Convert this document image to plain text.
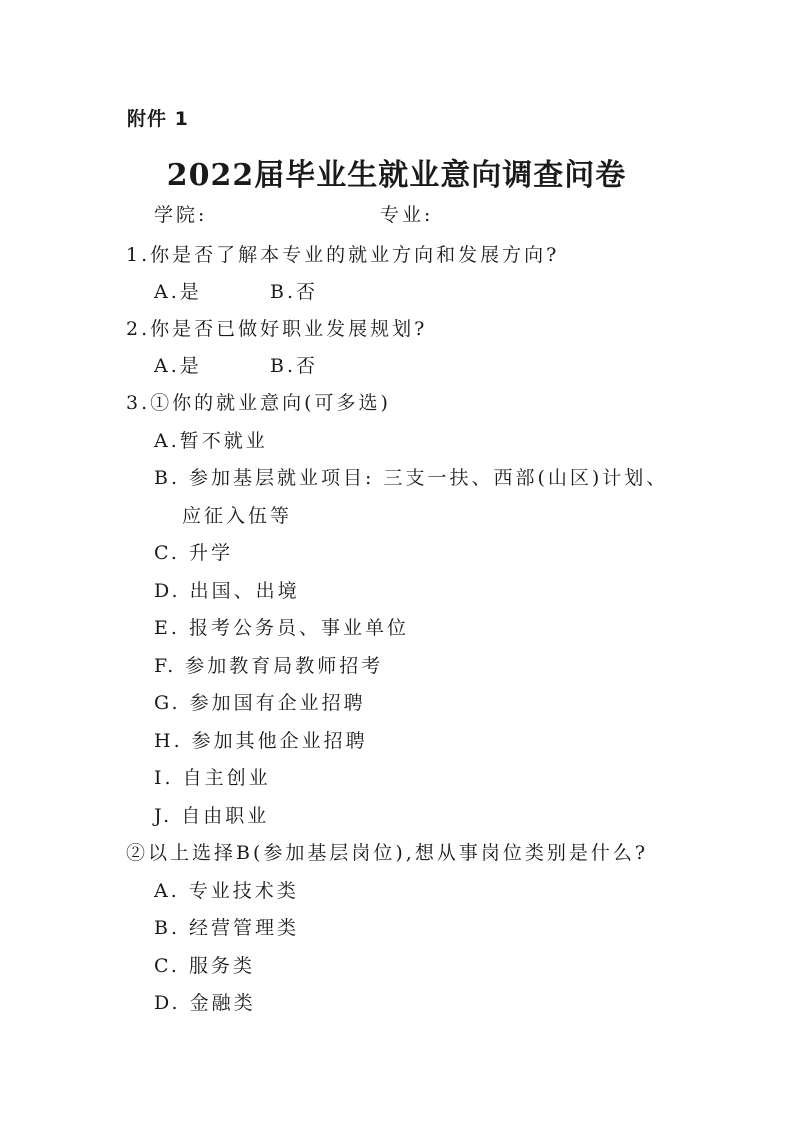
附件 1
2022届毕业生就业意向调查问卷
学院:	专业:
1.你是否了解本专业的就业方向和发展方向?
A.是	B.否
2.你是否已做好职业发展规划?
A.是	B.否
3.①你的就业意向(可多选)
A.暂不就业
B. 参加基层就业项目: 三支一扶、西部(山区)计划、
应征入伍等
C. 升学
D. 出国、出境
E. 报考公务员、事业单位
F. 参加教育局教师招考
G. 参加国有企业招聘
H. 参加其他企业招聘
I. 自主创业
J. 自由职业
②以上选择B(参加基层岗位),想从事岗位类别是什么?
A. 专业技术类
B. 经营管理类
C. 服务类
D. 金融类
